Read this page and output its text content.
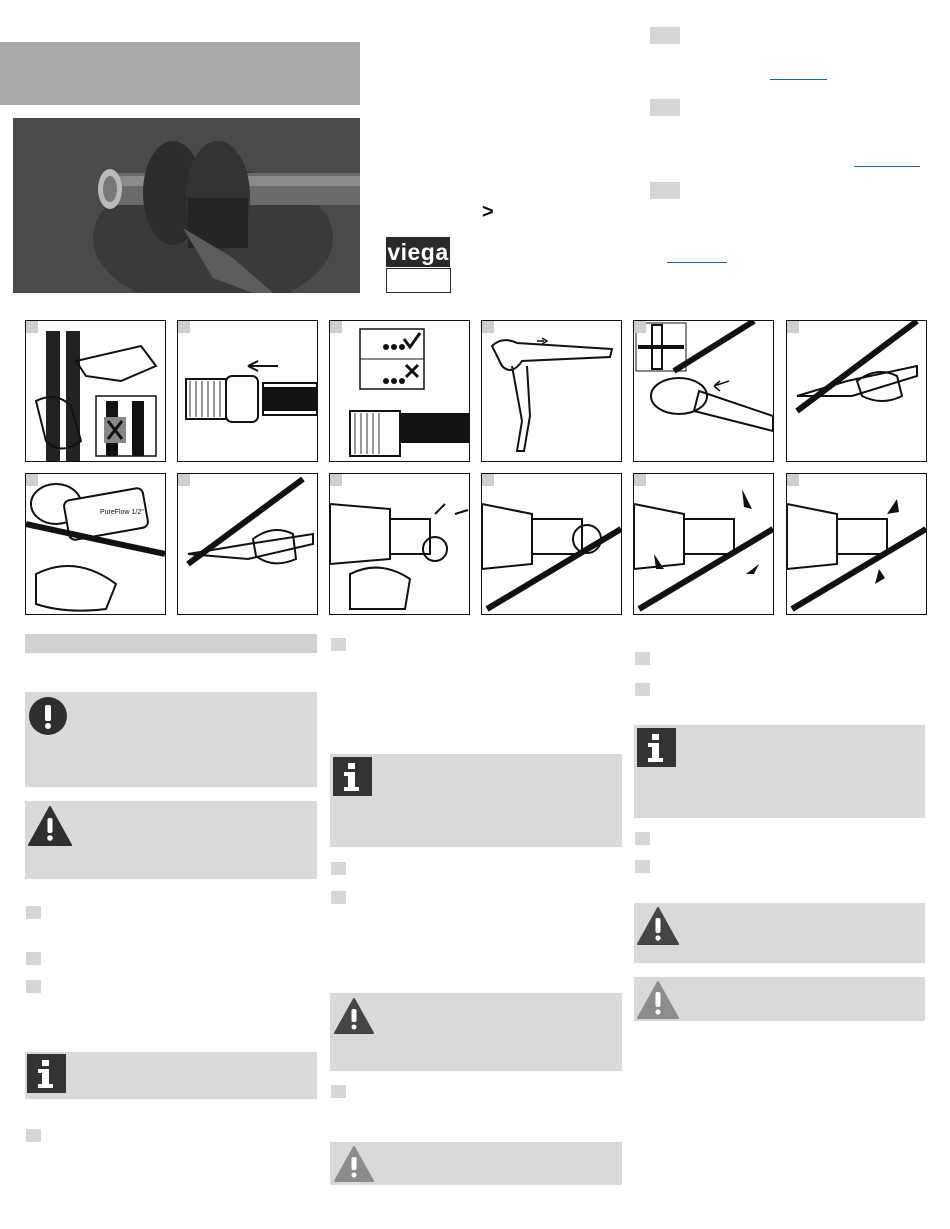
>
viega
viega
PureFlow 1/2"
